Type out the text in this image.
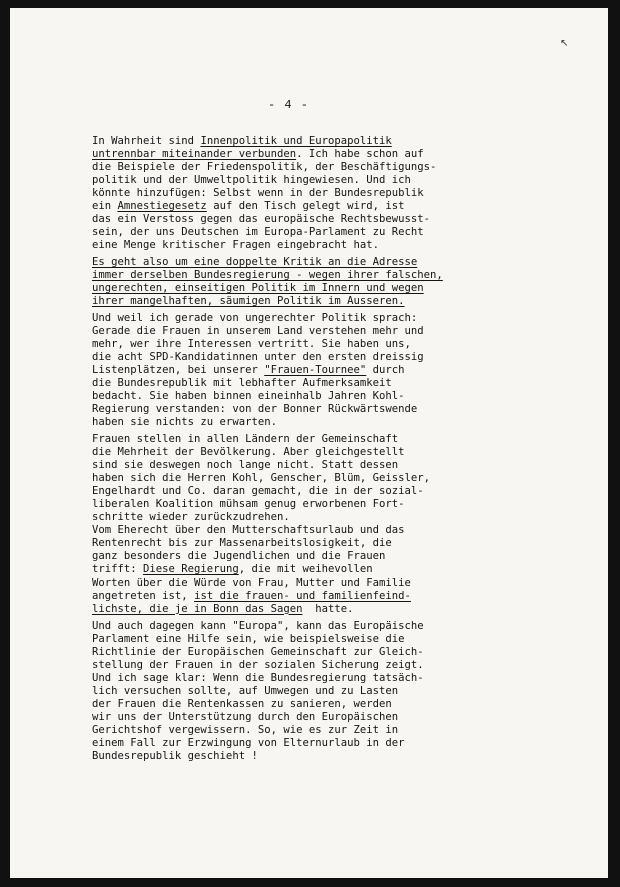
↖
- 4 -
In Wahrheit sind Innenpolitik und Europapolitik
untrennbar miteinander verbunden. Ich habe schon auf
die Beispiele der Friedenspolitik, der Beschäftigungs-
politik und der Umweltpolitik hingewiesen. Und ich
könnte hinzufügen: Selbst wenn in der Bundesrepublik
ein Amnestiegesetz auf den Tisch gelegt wird, ist
das ein Verstoss gegen das europäische Rechtsbewusst-
sein, der uns Deutschen im Europa-Parlament zu Recht
eine Menge kritischer Fragen eingebracht hat.
Es geht also um eine doppelte Kritik an die Adresse
immer derselben Bundesregierung - wegen ihrer falschen,
ungerechten, einseitigen Politik im Innern und wegen
ihrer mangelhaften, säumigen Politik im Ausseren.
Und weil ich gerade von ungerechter Politik sprach:
Gerade die Frauen in unserem Land verstehen mehr und
mehr, wer ihre Interessen vertritt. Sie haben uns,
die acht SPD-Kandidatinnen unter den ersten dreissig
Listenplätzen, bei unserer "Frauen-Tournee" durch
die Bundesrepublik mit lebhafter Aufmerksamkeit
bedacht. Sie haben binnen eineinhalb Jahren Kohl-
Regierung verstanden: von der Bonner Rückwärtswende
haben sie nichts zu erwarten.
Frauen stellen in allen Ländern der Gemeinschaft
die Mehrheit der Bevölkerung. Aber gleichgestellt
sind sie deswegen noch lange nicht. Statt dessen
haben sich die Herren Kohl, Genscher, Blüm, Geissler,
Engelhardt und Co. daran gemacht, die in der sozial-
liberalen Koalition mühsam genug erworbenen Fort-
schritte wieder zurückzudrehen.
Vom Eherecht über den Mutterschaftsurlaub und das
Rentenrecht bis zur Massenarbeitslosigkeit, die
ganz besonders die Jugendlichen und die Frauen
trifft: Diese Regierung, die mit weihevollen
Worten über die Würde von Frau, Mutter und Familie
angetreten ist, ist die frauen- und familienfeind-
lichste, die je in Bonn das Sagen  hatte.
Und auch dagegen kann "Europa", kann das Europäische
Parlament eine Hilfe sein, wie beispielsweise die
Richtlinie der Europäischen Gemeinschaft zur Gleich-
stellung der Frauen in der sozialen Sicherung zeigt.
Und ich sage klar: Wenn die Bundesregierung tatsäch-
lich versuchen sollte, auf Umwegen und zu Lasten
der Frauen die Rentenkassen zu sanieren, werden
wir uns der Unterstützung durch den Europäischen
Gerichtshof vergewissern. So, wie es zur Zeit in
einem Fall zur Erzwingung von Elternurlaub in der
Bundesrepublik geschieht !
